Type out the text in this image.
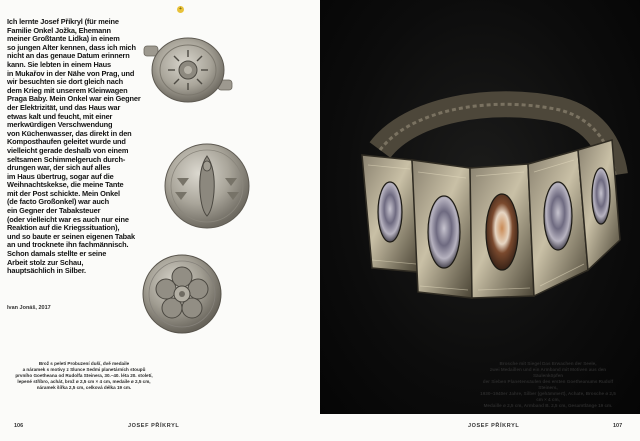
+

Ich lernte Josef Příkryl (für meine

Familie Onkel Jožka, Ehemann

meiner Großtante Lidka) in einem

so jungen Alter kennen, dass ich mich

nicht an das genaue Datum erinnern

kann. Sie lebten in einem Haus

in Mukařov in der Nähe von Prag, und

wir besuchten sie dort gleich nach

dem Krieg mit unserem Kleinwagen

Praga Baby. Mein Onkel war ein Gegner

der Elektrizität, und das Haus war

etwas kalt und feucht, mit einer

merkwürdigen Verschwendung

von Küchenwasser, das direkt in den

Komposthaufen geleitet wurde und

vielleicht gerade deshalb von einem

seltsamen Schimmelgeruch durch-

drungen war, der sich auf alles

im Haus übertrug, sogar auf die

Weihnachtskekse, die meine Tante

mit der Post schickte. Mein Onkel

(de facto Großonkel) war auch

ein Gegner der Tabaksteuer

(oder vielleicht war es auch nur eine

Reaktion auf die Kriegssituation),

und so baute er seinen eigenen Tabak

an und trocknete ihn fachmännisch.

Schon damals stellte er seine

Arbeit stolz zur Schau,

hauptsächlich in Silber.

Ivan Jonáš, 2017

Brož s peletí Probuzení duší, dvě medaile

a náramek s motivy z Slunce Sedmi planetárních stoupů

prvního Goetheana od Rudolfa Steinera, 30.–40. léta 20. století,

lepené stříbro, achát, brož ø 2,5 cm × 4 cm, medaile ø 2,5 cm,

náramek šířka 2,5 cm, celková délka 19 cm.

106	JOSEF PŘÍKRYL

Brosche mit Siegel Das Erwachen der Seele,

zwei Medaillen und ein Armband mit Motiven aus den Säulenköpfen

der Sieben Planetensäulen des ersten Goetheanums Rudolf Steiners,

1930–1940er Jahre, Silber (gehämmert), Achate, Brosche ø 2,5 cm × 4 cm,

Medaille ø 2,5 cm, Armband B. 2,5 cm, Gesamtlänge 19 cm.

JOSEF PŘÍKRYL	107
